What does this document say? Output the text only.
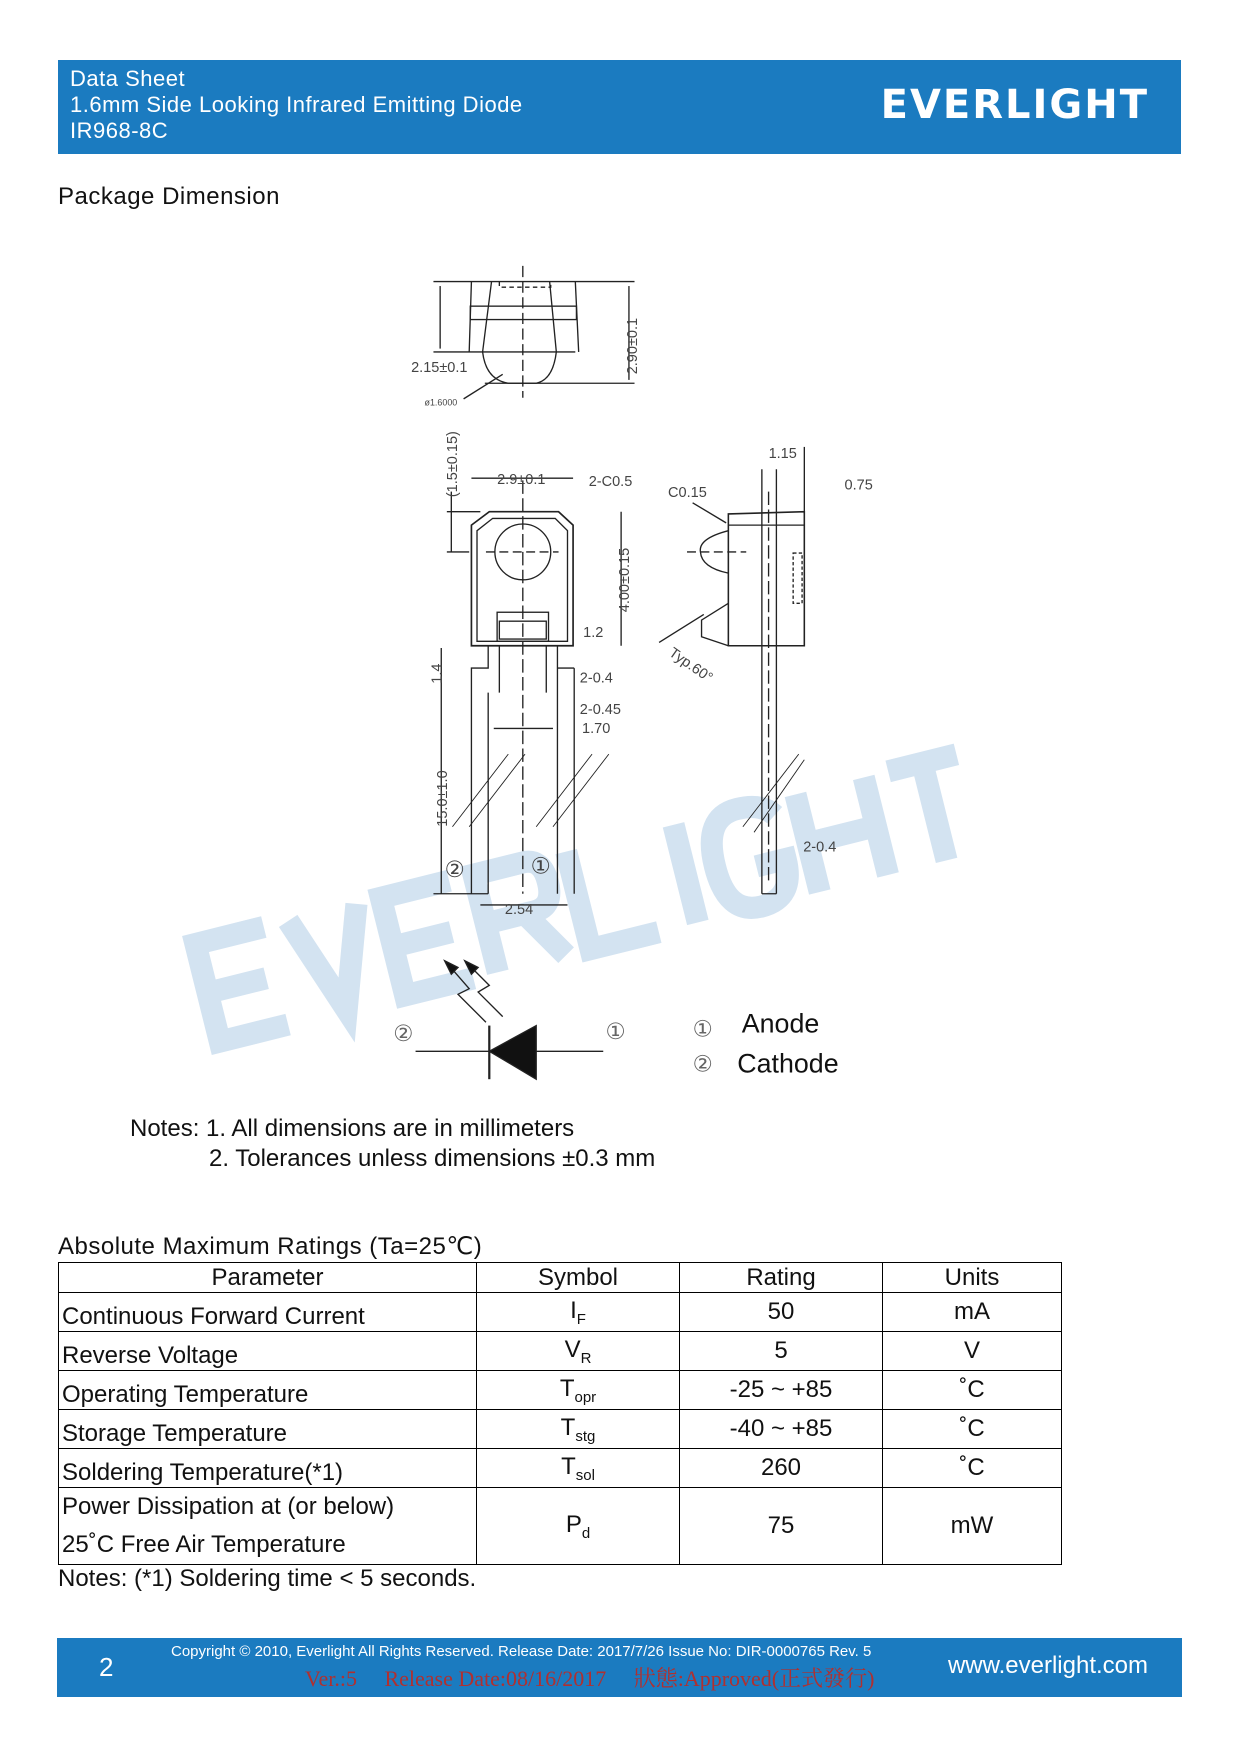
Data Sheet
1.6mm Side Looking Infrared Emitting Diode
IR968-8C
EVERLIGHT
Package Dimension
2.15±0.1
ø1.6000
2.90±0.1
2.9±0.1	2-C0.5
(1.5±0.15)
4.00±0.15
1.2
1.4	2-0.4
2-0.45
1.70
15.0±1.0
2.54
②	①
1.15
C0.15	0.75
Typ.60°
2-0.4
②	①	①
②
Anode
Cathode
Notes: 1. All dimensions are in millimeters
2. Tolerances unless dimensions ±0.3 mm
Absolute Maximum Ratings (Ta=25℃)
Parameter	Symbol	Rating	Units
Continuous Forward Current	$I_F$	50	mA
Reverse Voltage	$V_R$	5	V
Operating Temperature	$T_{opr}$	-25 ~ +85	˚C
Storage Temperature	$T_{stg}$	-40 ~ +85	˚C
Soldering Temperature(*1)	$T_{sol}$	260	˚C

Power Dissipation at (or below)
25˚C Free Air Temperature	$P_d$	75	mW
Notes: (*1) Soldering time < 5 seconds.
2
Copyright © 2010, Everlight All Rights Reserved. Release Date: 2017/7/26 Issue No: DIR-0000765 Rev. 5
Ver.:5     Release Date:08/16/2017     狀態:Approved(正式發行)	www.everlight.com
